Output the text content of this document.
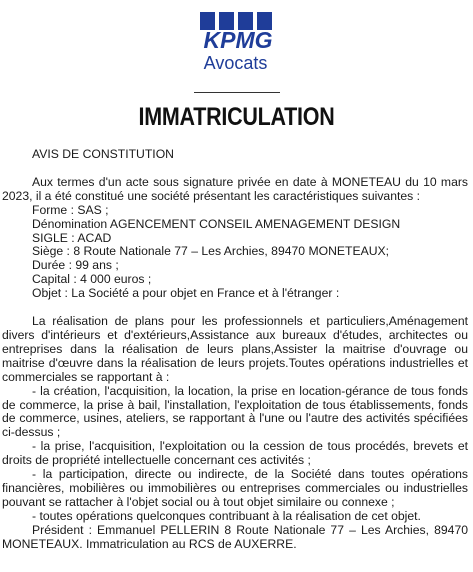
KPMG
Avocats
IMMATRICULATION

AVIS DE CONSTITUTION

Aux termes d'un acte sous signature privée en date à MONETEAU du 10 mars 2023, il a été constitué une société présentant les caractéristiques suivantes :

Forme : SAS ;

Dénomination AGENCEMENT CONSEIL AMENAGEMENT DESIGN

SIGLE : ACAD

Siège : 8 Route Nationale 77 – Les Archies, 89470 MONETEAUX;

Durée : 99 ans ;

Capital : 4 000 euros ;

Objet : La Société a pour objet en France et à l'étranger :

La réalisation de plans pour les professionnels et particuliers,Aménagement divers d'intérieurs et d'extérieurs,Assistance aux bureaux d'études, architectes ou entreprises dans la réalisation de leurs plans,Assister la maitrise d'ouvrage ou maitrise d'œuvre dans la réalisation de leurs projets.Toutes opérations industrielles et commerciales se rapportant à :

- la création, l'acquisition, la location, la prise en location-gérance de tous fonds de commerce, la prise à bail, l'installation, l'exploitation de tous établissements, fonds de commerce, usines, ateliers, se rapportant à l'une ou l'autre des activités spécifiées ci-dessus ;

- la prise, l'acquisition, l'exploitation ou la cession de tous procédés, brevets et droits de propriété intellectuelle concernant ces activités ;

- la participation, directe ou indirecte, de la Société dans toutes opérations financières, mobilières ou immobilières ou entreprises commerciales ou industrielles pouvant se rattacher à l'objet social ou à tout objet similaire ou connexe ;

- toutes opérations quelconques contribuant à la réalisation de cet objet.

Président : Emmanuel PELLERIN 8 Route Nationale 77 – Les Archies, 89470 MONETEAUX. Immatriculation au RCS de AUXERRE.
